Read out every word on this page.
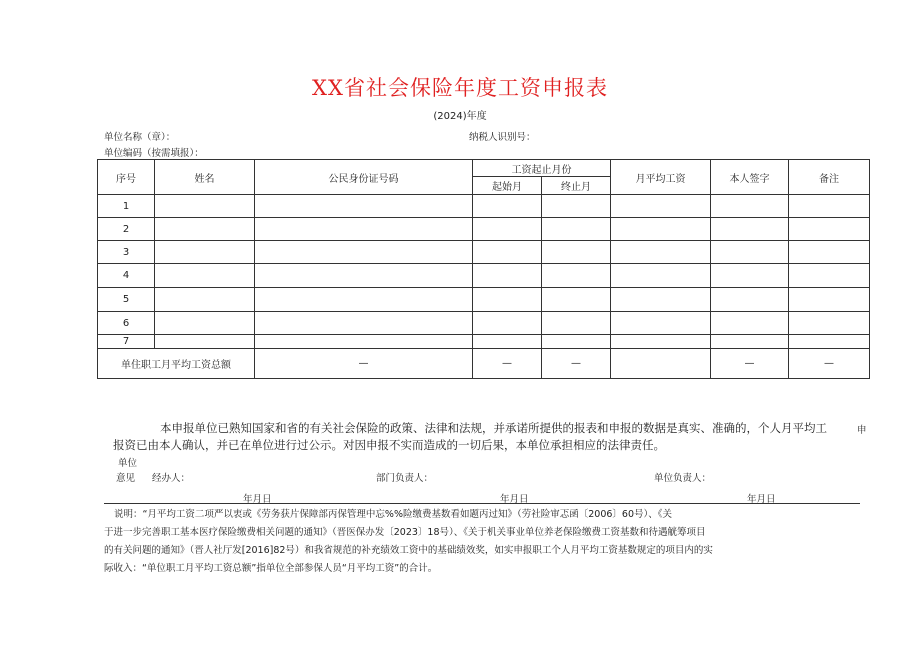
XX省社会保险年度工资申报表
(2024)年度
单位名称（章）：	纳税人识别号：
单位编码（按需填报）：
序号	姓名	公民身份证号码	工资起止月份		月平均工资	本人签字	备注
			起始月	终止月			
1							
2							
3							
4							
5							
6							
7							
单住职工月平均工资总额		—	—	—		—	—
本申报单位已熟知国家和省的有关社会保险的政策、法律和法规，并承诺所提供的报表和申报的数据是真实、准确的，个人月平均工	申
报资已由本人确认，并已在单位进行过公示。对因申报不实而造成的一切后果，本单位承担相应的法律责任。
单位
意见 经办人：	部门负责人：	单位负责人：
年月日	年月日	年月日
说明：“月平均工资二项严以衷或《劳务获片保障部丙保管理中忘%%险缴费基数看如题丙过知》（劳社险审忑函〔2006〕60号）、《关
于进一步完善职工基本医疗保险缴费相关问题的通知》（晋医保办发〔2023〕18号）、《关于机关事业单位养老保险缴费工资基数和待遇觥筹项目
的有关问题的通知》（晋人社厅发[2016]82号）和我省规范的补充绩效工资中的基础绩效奖，如实申报职工个人月平均工资基数规定的项目内的实
际收入：“单位职工月平均工资总额”指单位全部参保人员“月平均工资”的合计。
